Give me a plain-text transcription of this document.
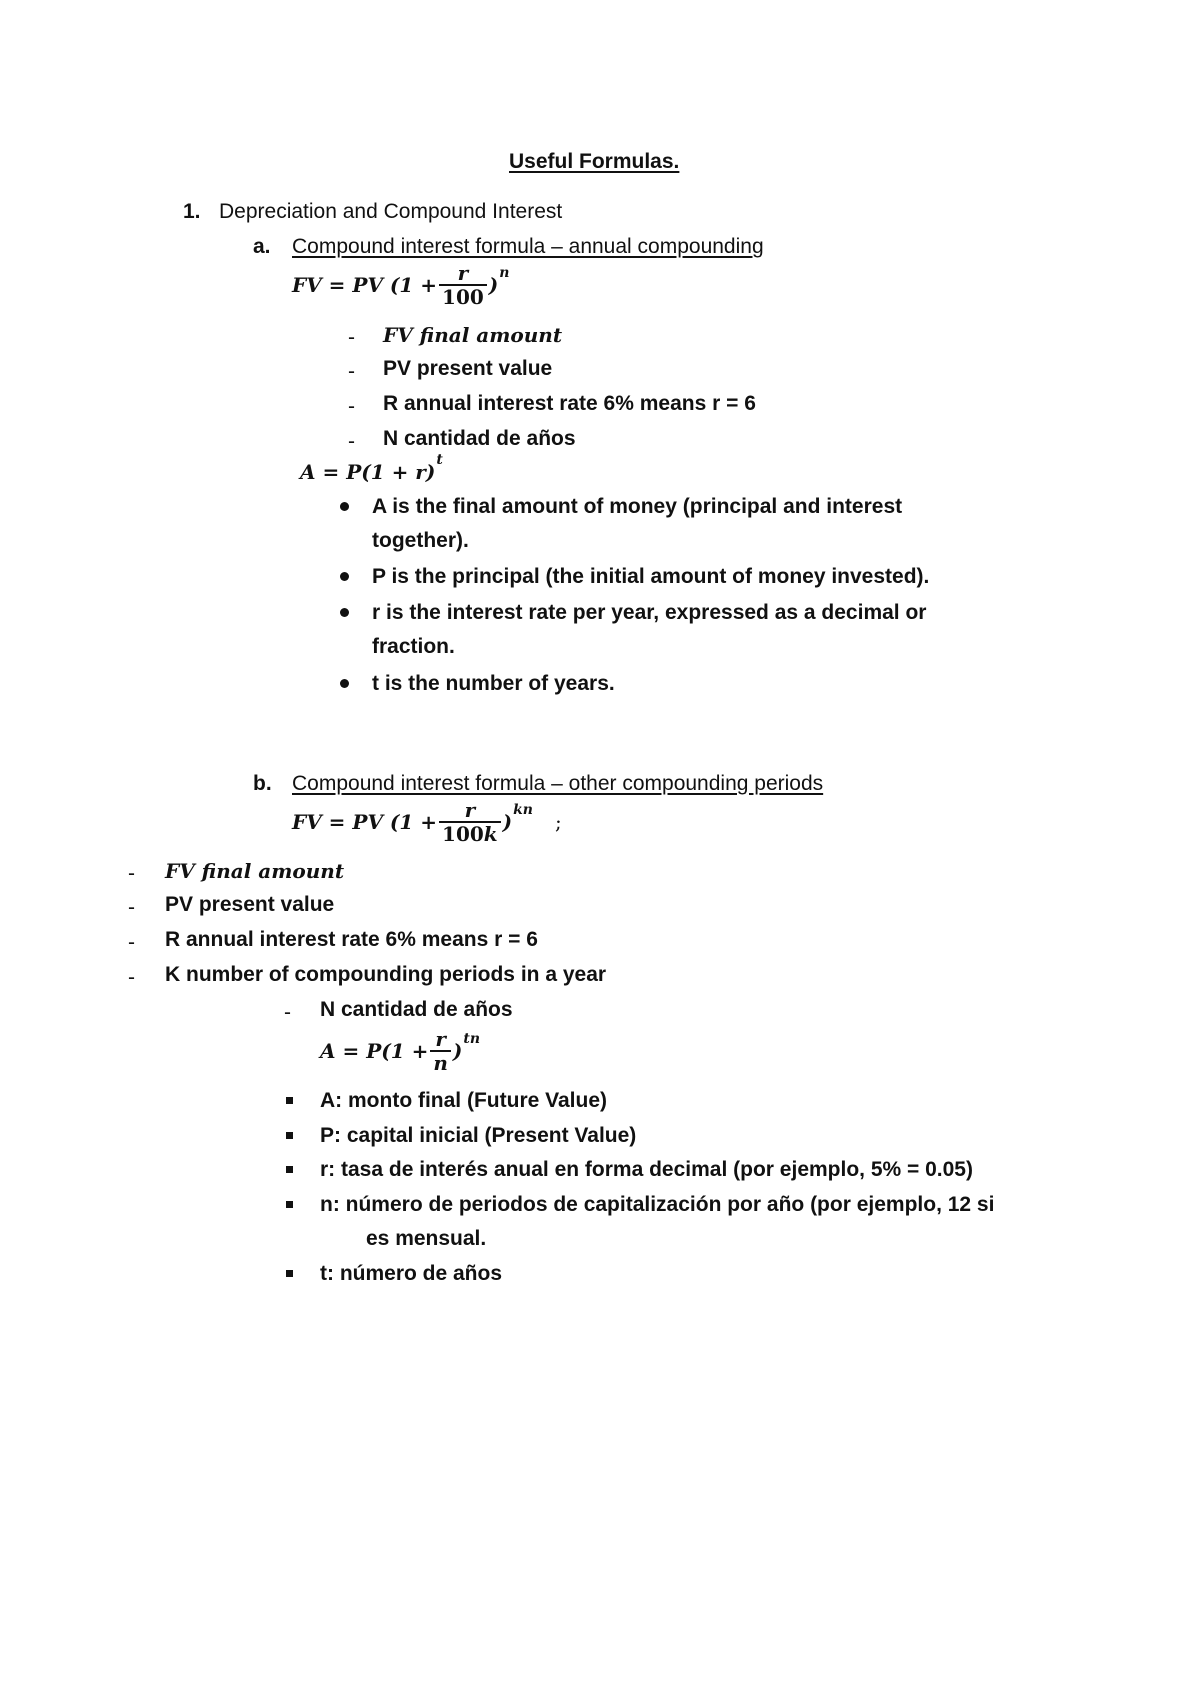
Useful Formulas.
1. Depreciation and Compound Interest
a. Compound interest formula – annual compounding
FV = PV ($1 + \frac{r}{100}$ ) n
- FV final amount
- PV present value
- R annual interest rate 6% means r = 6
- N cantidad de años
A = P(1 + r) t
A is the final amount of money (principal and interest
together).
P is the principal (the initial amount of money invested).
r is the interest rate per year, expressed as a decimal or
fraction.
t is the number of years.
b. Compound interest formula – other compounding periods
FV = PV ($1 + \frac{r}{100k}$ ) kn ;
- FV final amount
- PV present value
- R annual interest rate 6% means r = 6
- K number of compounding periods in a year
- N cantidad de años
$A = P(1 + \frac{r}{n}$ ) tn
A: monto final (Future Value)
P: capital inicial (Present Value)
r: tasa de interés anual en forma decimal (por ejemplo, 5% = 0.05)
n: número de periodos de capitalización por año (por ejemplo, 12 si
es mensual.
t: número de años
